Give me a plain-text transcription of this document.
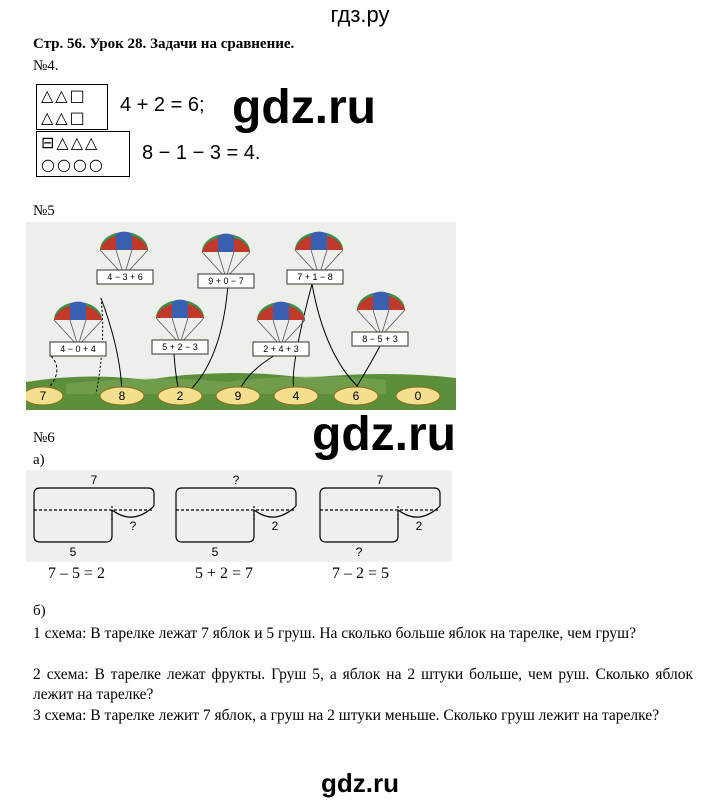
гдз.ру
Стр. 56. Урок 28. Задачи на сравнение.
№4.
△△□
△△□
4 + 2 = 6;
⊟△△△
○○○○
8 − 1 − 3 = 4.
gdz.ru
№5
4 − 3 + 6	9 + 0 − 7	7 + 1 − 8
4 − 0 + 4	5 + 2 − 3	2 + 4 + 3
8 − 5 + 3
7	8	2	9	4	6	0
№6	gdz.ru
а)
7
5
?
?
5
2
7
?
2
7 – 5 = 2	5 + 2 = 7	7 – 2 = 5
б)
1 схема: В тарелке лежат 7 яблок и 5 груш. На сколько больше яблок на тарелке, чем груш?
2 схема: В тарелке лежат фрукты. Груш 5, а яблок на 2 штуки больше, чем руш. Сколько яблок лежит на тарелке?
3 схема: В тарелке лежит 7 яблок, а груш на 2 штуки меньше. Сколько груш лежит на тарелке?
gdz.ru
